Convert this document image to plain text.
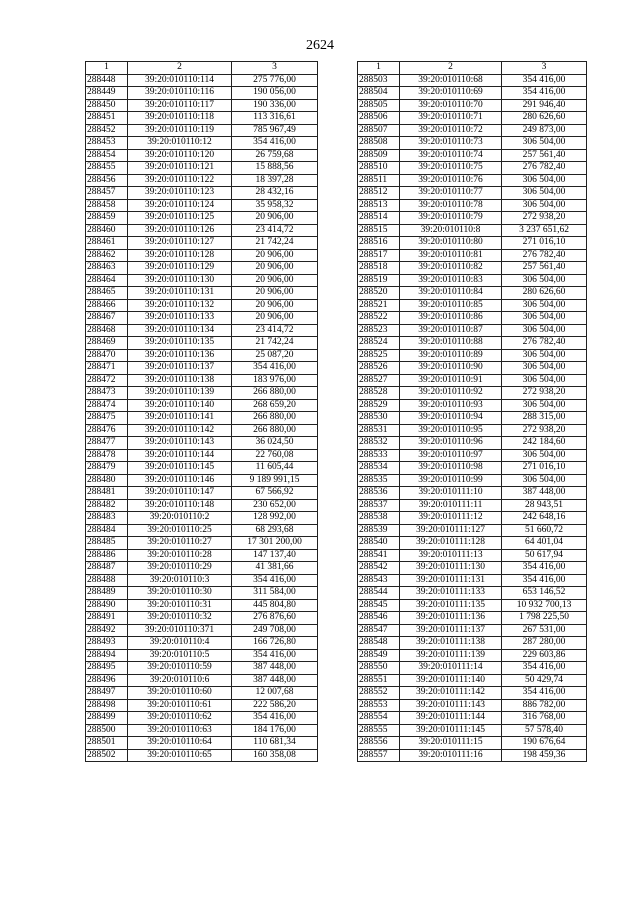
2624
1	2	3
288448	39:20:010110:114	275 776,00
288449	39:20:010110:116	190 056,00
288450	39:20:010110:117	190 336,00
288451	39:20:010110:118	113 316,61
288452	39:20:010110:119	785 967,49
288453	39:20:010110:12	354 416,00
288454	39:20:010110:120	26 759,68
288455	39:20:010110:121	15 888,56
288456	39:20:010110:122	18 397,28
288457	39:20:010110:123	28 432,16
288458	39:20:010110:124	35 958,32
288459	39:20:010110:125	20 906,00
288460	39:20:010110:126	23 414,72
288461	39:20:010110:127	21 742,24
288462	39:20:010110:128	20 906,00
288463	39:20:010110:129	20 906,00
288464	39:20:010110:130	20 906,00
288465	39:20:010110:131	20 906,00
288466	39:20:010110:132	20 906,00
288467	39:20:010110:133	20 906,00
288468	39:20:010110:134	23 414,72
288469	39:20:010110:135	21 742,24
288470	39:20:010110:136	25 087,20
288471	39:20:010110:137	354 416,00
288472	39:20:010110:138	183 976,00
288473	39:20:010110:139	266 880,00
288474	39:20:010110:140	268 659,20
288475	39:20:010110:141	266 880,00
288476	39:20:010110:142	266 880,00
288477	39:20:010110:143	36 024,50
288478	39:20:010110:144	22 760,08
288479	39:20:010110:145	11 605,44
288480	39:20:010110:146	9 189 991,15
288481	39:20:010110:147	67 566,92
288482	39:20:010110:148	230 652,00
288483	39:20:010110:2	128 992,00
288484	39:20:010110:25	68 293,68
288485	39:20:010110:27	17 301 200,00
288486	39:20:010110:28	147 137,40
288487	39:20:010110:29	41 381,66
288488	39:20:010110:3	354 416,00
288489	39:20:010110:30	311 584,00
288490	39:20:010110:31	445 804,80
288491	39:20:010110:32	276 876,60
288492	39:20:010110:371	249 708,00
288493	39:20:010110:4	166 726,80
288494	39:20:010110:5	354 416,00
288495	39:20:010110:59	387 448,00
288496	39:20:010110:6	387 448,00
288497	39:20:010110:60	12 007,68
288498	39:20:010110:61	222 586,20
288499	39:20:010110:62	354 416,00
288500	39:20:010110:63	184 176,00
288501	39:20:010110:64	110 681,34
288502	39:20:010110:65	160 358,08
1	2	3
288503	39:20:010110:68	354 416,00
288504	39:20:010110:69	354 416,00
288505	39:20:010110:70	291 946,40
288506	39:20:010110:71	280 626,60
288507	39:20:010110:72	249 873,00
288508	39:20:010110:73	306 504,00
288509	39:20:010110:74	257 561,40
288510	39:20:010110:75	276 782,40
288511	39:20:010110:76	306 504,00
288512	39:20:010110:77	306 504,00
288513	39:20:010110:78	306 504,00
288514	39:20:010110:79	272 938,20
288515	39:20:010110:8	3 237 651,62
288516	39:20:010110:80	271 016,10
288517	39:20:010110:81	276 782,40
288518	39:20:010110:82	257 561,40
288519	39:20:010110:83	306 504,00
288520	39:20:010110:84	280 626,60
288521	39:20:010110:85	306 504,00
288522	39:20:010110:86	306 504,00
288523	39:20:010110:87	306 504,00
288524	39:20:010110:88	276 782,40
288525	39:20:010110:89	306 504,00
288526	39:20:010110:90	306 504,00
288527	39:20:010110:91	306 504,00
288528	39:20:010110:92	272 938,20
288529	39:20:010110:93	306 504,00
288530	39:20:010110:94	288 315,00
288531	39:20:010110:95	272 938,20
288532	39:20:010110:96	242 184,60
288533	39:20:010110:97	306 504,00
288534	39:20:010110:98	271 016,10
288535	39:20:010110:99	306 504,00
288536	39:20:010111:10	387 448,00
288537	39:20:010111:11	28 943,51
288538	39:20:010111:12	242 648,16
288539	39:20:010111:127	51 660,72
288540	39:20:010111:128	64 401,04
288541	39:20:010111:13	50 617,94
288542	39:20:010111:130	354 416,00
288543	39:20:010111:131	354 416,00
288544	39:20:010111:133	653 146,52
288545	39:20:010111:135	10 932 700,13
288546	39:20:010111:136	1 798 225,50
288547	39:20:010111:137	267 531,00
288548	39:20:010111:138	287 280,00
288549	39:20:010111:139	229 603,86
288550	39:20:010111:14	354 416,00
288551	39:20:010111:140	50 429,74
288552	39:20:010111:142	354 416,00
288553	39:20:010111:143	886 782,00
288554	39:20:010111:144	316 768,00
288555	39:20:010111:145	57 578,40
288556	39:20:010111:15	190 676,64
288557	39:20:010111:16	198 459,36
